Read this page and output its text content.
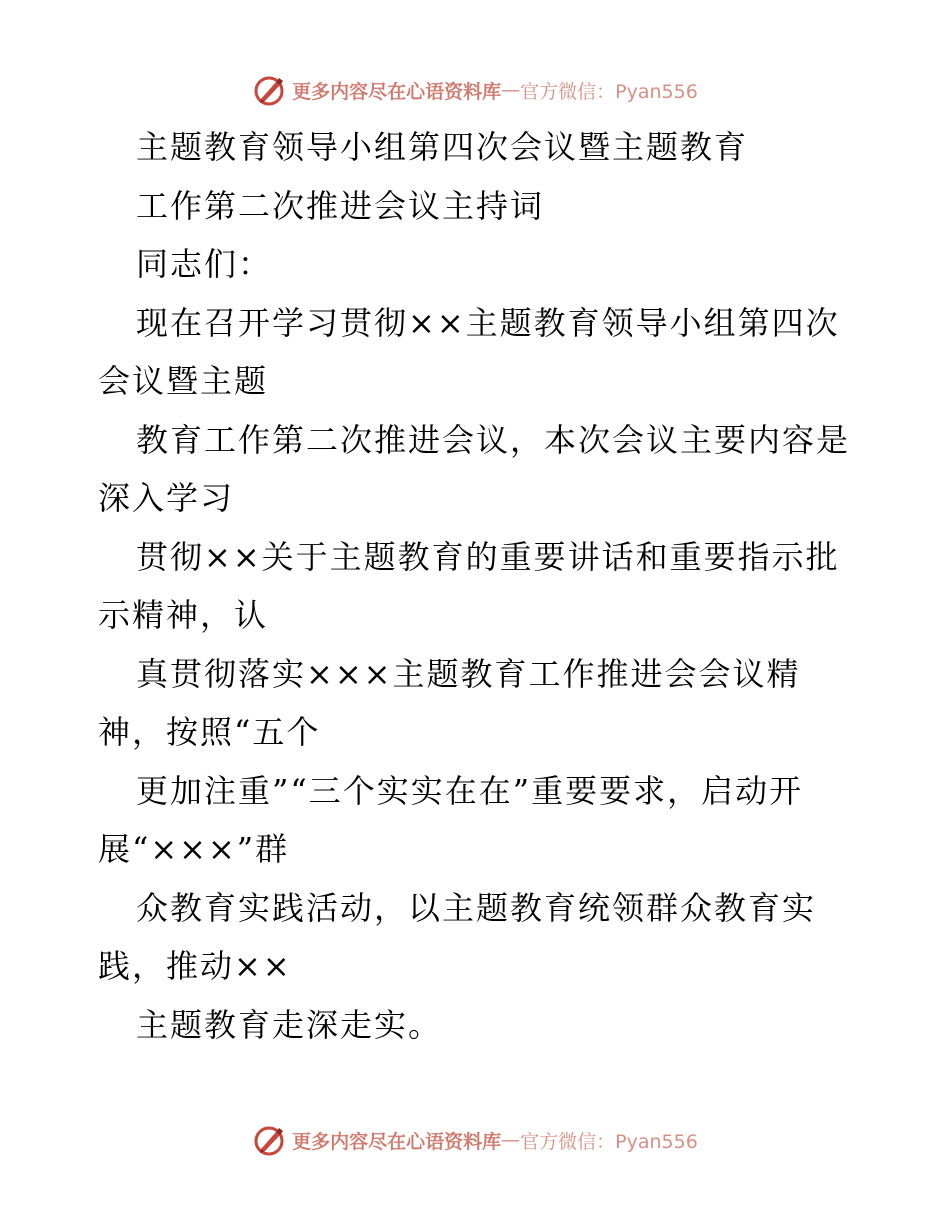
更多内容尽在心语资料库 — 官方微信：Pyan556
主题教育领导小组第四次会议暨主题教育
工作第二次推进会议主持词
同志们：
现在召开学习贯彻××主题教育领导小组第四次
会议暨主题
教育工作第二次推进会议，本次会议主要内容是
深入学习
贯彻××关于主题教育的重要讲话和重要指示批
示精神，认
真贯彻落实×××主题教育工作推进会会议精
神，按照“五个
更加注重”“三个实实在在”重要要求，启动开
展“×××”群
众教育实践活动，以主题教育统领群众教育实
践，推动××
主题教育走深走实。
更多内容尽在心语资料库 — 官方微信：Pyan556
